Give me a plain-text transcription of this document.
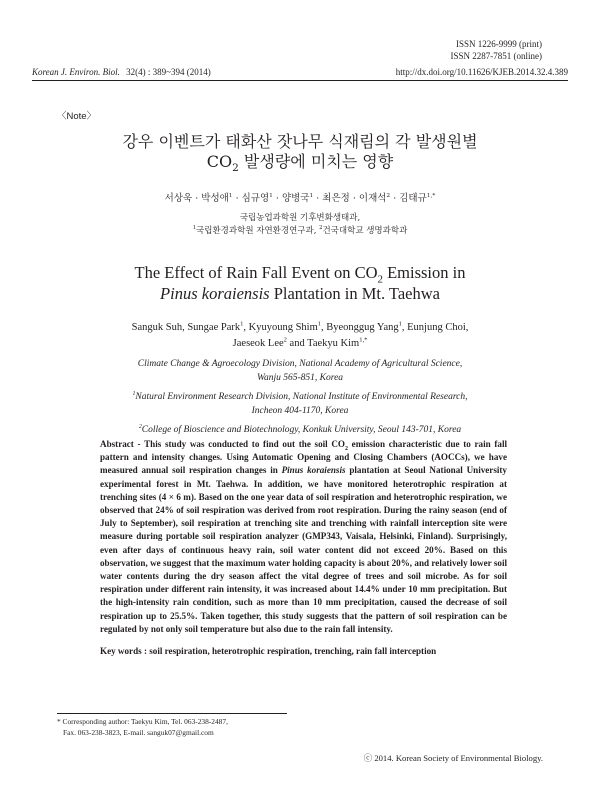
ISSN 1226-9999 (print)
ISSN 2287-7851 (online)
Korean J. Environ. Biol. 32(4) : 389~394 (2014)	http://dx.doi.org/10.11626/KJEB.2014.32.4.389
〈Note〉
강우 이벤트가 태화산 잣나무 식재림의 각 발생원별
$CO_2$ 발생량에 미치는 영향
서상욱 · 박성애$^1$ · 심규영$^1$ · 양병국$^1$ · 최은정 · 이재석$^2$ · 김태규$^{1,*}$
국립농업과학원 기후변화생태과,
$^1$국립환경과학원 자연환경연구과, $^2$건국대학교 생명과학과
The Effect of Rain Fall Event on $CO_2$ Emission in
Pinus koraiensis Plantation in Mt. Taehwa
Sanguk Suh, Sungae Park$^1$, Kyuyoung Shim$^1$, Byeonggug Yang$^1$, Eunjung Choi,
Jaeseok Lee$^2$ and Taekyu Kim$^{1,*}$

Climate Change & Agroecology Division, National Academy of Agricultural Science,
Wanju 565-851, Korea

$^1$Natural Environment Research Division, National Institute of Environmental Research,
Incheon 404-1170, Korea

$^2$College of Bioscience and Biotechnology, Konkuk University, Seoul 143-701, Korea

Abstract - This study was conducted to find out the soil $CO_2$ emission characteristic due to rain fall pattern and intensity changes. Using Automatic Opening and Closing Chambers (AOCCs), we have measured annual soil respiration changes in Pinus koraiensis plantation at Seoul National University experimental forest in Mt. Taehwa. In addition, we have monitored heterotrophic respiration at trenching sites (4 × 6 m). Based on the one year data of soil respiration and heterotrophic respiration, we observed that 24% of soil respiration was derived from root respiration. During the rainy season (end of July to September), soil respiration at trenching site and trenching with rainfall interception site were measure during portable soil respiration analyzer (GMP343, Vaisala, Helsinki, Finland). Surprisingly, even after days of continuous heavy rain, soil water content did not exceed 20%. Based on this observation, we suggest that the maximum water holding capacity is about 20%, and relatively lower soil water contents during the dry season affect the vital degree of trees and soil microbe. As for soil respiration under different rain intensity, it was increased about 14.4% under 10 mm precipitation. But the high-intensity rain condition, such as more than 10 mm precipitation, caused the decrease of soil respiration up to 25.5%. Taken together, this study suggests that the pattern of soil respiration can be regulated by not only soil temperature but also due to the rain fall intensity.
Key words : soil respiration, heterotrophic respiration, trenching, rain fall interception
* Corresponding author: Taekyu Kim, Tel. 063-238-2487,
Fax. 063-238-3823, E-mail. sanguk07@gmail.com
ⓒ 2014. Korean Society of Environmental Biology.
